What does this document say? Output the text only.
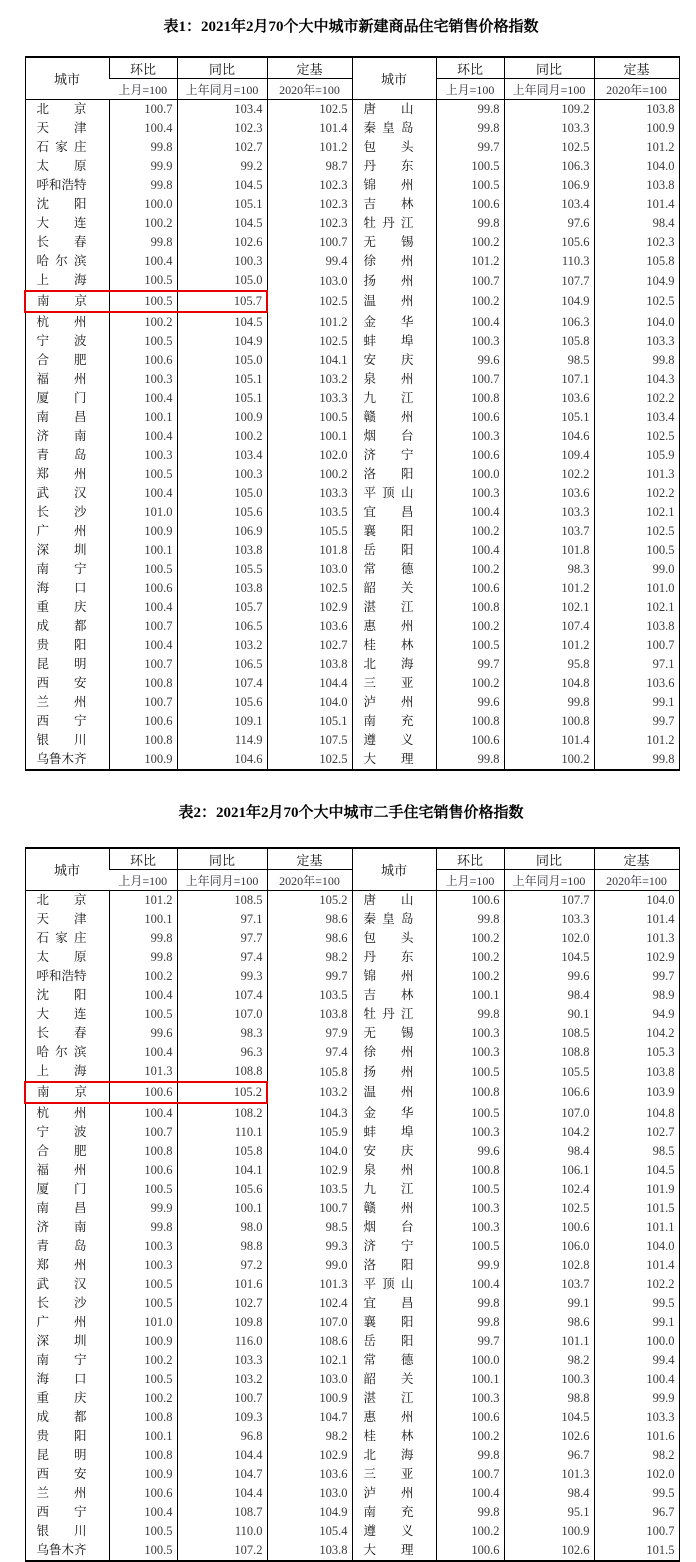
表1：2021年2月70个大中城市新建商品住宅销售价格指数
城市	环比	同比	定基	城市	环比	同比	定基
	上月=100	上年同月=100	2020年=100		上月=100	上年同月=100	2020年=100

北 京	100.7	103.4	102.5	唐 山	99.8	109.2	103.8

天 津	100.4	102.3	101.4	秦 皇 岛	99.8	103.3	100.9

石 家 庄	99.8	102.7	101.2	包 头	99.7	102.5	101.2

太 原	99.9	99.2	98.7	丹 东	100.5	106.3	104.0

呼 和 浩 特	99.8	104.5	102.3	锦 州	100.5	106.9	103.8

沈 阳	100.0	105.1	102.3	吉 林	100.6	103.4	101.4

大 连	100.2	104.5	102.3	牡 丹 江	99.8	97.6	98.4

长 春	99.8	102.6	100.7	无 锡	100.2	105.6	102.3

哈 尔 滨	100.4	100.3	99.4	徐 州	101.2	110.3	105.8

上 海	100.5	105.0	103.0	扬 州	100.7	107.7	104.9

南 京	100.5	105.7	102.5	温 州	100.2	104.9	102.5

杭 州	100.2	104.5	101.2	金 华	100.4	106.3	104.0

宁 波	100.5	104.9	102.5	蚌 埠	100.3	105.8	103.3

合 肥	100.6	105.0	104.1	安 庆	99.6	98.5	99.8

福 州	100.3	105.1	103.2	泉 州	100.7	107.1	104.3

厦 门	100.4	105.1	103.3	九 江	100.8	103.6	102.2

南 昌	100.1	100.9	100.5	赣 州	100.6	105.1	103.4

济 南	100.4	100.2	100.1	烟 台	100.3	104.6	102.5

青 岛	100.3	103.4	102.0	济 宁	100.6	109.4	105.9

郑 州	100.5	100.3	100.2	洛 阳	100.0	102.2	101.3

武 汉	100.4	105.0	103.3	平 顶 山	100.3	103.6	102.2

长 沙	101.0	105.6	103.5	宜 昌	100.4	103.3	102.1

广 州	100.9	106.9	105.5	襄 阳	100.2	103.7	102.5

深 圳	100.1	103.8	101.8	岳 阳	100.4	101.8	100.5

南 宁	100.5	105.5	103.0	常 德	100.2	98.3	99.0

海 口	100.6	103.8	102.5	韶 关	100.6	101.2	101.0

重 庆	100.4	105.7	102.9	湛 江	100.8	102.1	102.1

成 都	100.7	106.5	103.6	惠 州	100.2	107.4	103.8

贵 阳	100.4	103.2	102.7	桂 林	100.5	101.2	100.7

昆 明	100.7	106.5	103.8	北 海	99.7	95.8	97.1

西 安	100.8	107.4	104.4	三 亚	100.2	104.8	103.6

兰 州	100.7	105.6	104.0	泸 州	99.6	99.8	99.1

西 宁	100.6	109.1	105.1	南 充	100.8	100.8	99.7

银 川	100.8	114.9	107.5	遵 义	100.6	101.4	101.2

乌 鲁 木 齐	100.9	104.6	102.5	大 理	99.8	100.2	99.8
表2：2021年2月70个大中城市二手住宅销售价格指数
城市	环比	同比	定基	城市	环比	同比	定基
	上月=100	上年同月=100	2020年=100		上月=100	上年同月=100	2020年=100

北 京	101.2	108.5	105.2	唐 山	100.6	107.7	104.0

天 津	100.1	97.1	98.6	秦 皇 岛	99.8	103.3	101.4

石 家 庄	99.8	97.7	98.6	包 头	100.2	102.0	101.3

太 原	99.8	97.4	98.2	丹 东	100.2	104.5	102.9

呼 和 浩 特	100.2	99.3	99.7	锦 州	100.2	99.6	99.7

沈 阳	100.4	107.4	103.5	吉 林	100.1	98.4	98.9

大 连	100.5	107.0	103.8	牡 丹 江	99.8	90.1	94.9

长 春	99.6	98.3	97.9	无 锡	100.3	108.5	104.2

哈 尔 滨	100.4	96.3	97.4	徐 州	100.3	108.8	105.3

上 海	101.3	108.8	105.8	扬 州	100.5	105.5	103.8

南 京	100.6	105.2	103.2	温 州	100.8	106.6	103.9

杭 州	100.4	108.2	104.3	金 华	100.5	107.0	104.8

宁 波	100.7	110.1	105.9	蚌 埠	100.3	104.2	102.7

合 肥	100.8	105.8	104.0	安 庆	99.6	98.4	98.5

福 州	100.6	104.1	102.9	泉 州	100.8	106.1	104.5

厦 门	100.5	105.6	103.5	九 江	100.5	102.4	101.9

南 昌	99.9	100.1	100.7	赣 州	100.3	102.5	101.5

济 南	99.8	98.0	98.5	烟 台	100.3	100.6	101.1

青 岛	100.3	98.8	99.3	济 宁	100.5	106.0	104.0

郑 州	100.3	97.2	99.0	洛 阳	99.9	102.8	101.4

武 汉	100.5	101.6	101.3	平 顶 山	100.4	103.7	102.2

长 沙	100.5	102.7	102.4	宜 昌	99.8	99.1	99.5

广 州	101.0	109.8	107.0	襄 阳	99.8	98.6	99.1

深 圳	100.9	116.0	108.6	岳 阳	99.7	101.1	100.0

南 宁	100.2	103.3	102.1	常 德	100.0	98.2	99.4

海 口	100.5	103.2	103.0	韶 关	100.1	100.3	100.4

重 庆	100.2	100.7	100.9	湛 江	100.3	98.8	99.9

成 都	100.8	109.3	104.7	惠 州	100.6	104.5	103.3

贵 阳	100.1	96.8	98.2	桂 林	100.2	102.6	101.6

昆 明	100.8	104.4	102.9	北 海	99.8	96.7	98.2

西 安	100.9	104.7	103.6	三 亚	100.7	101.3	102.0

兰 州	100.6	104.4	103.0	泸 州	100.4	98.4	99.5

西 宁	100.4	108.7	104.9	南 充	99.8	95.1	96.7

银 川	100.5	110.0	105.4	遵 义	100.2	100.9	100.7

乌 鲁 木 齐	100.5	107.2	103.8	大 理	100.6	102.6	101.5
